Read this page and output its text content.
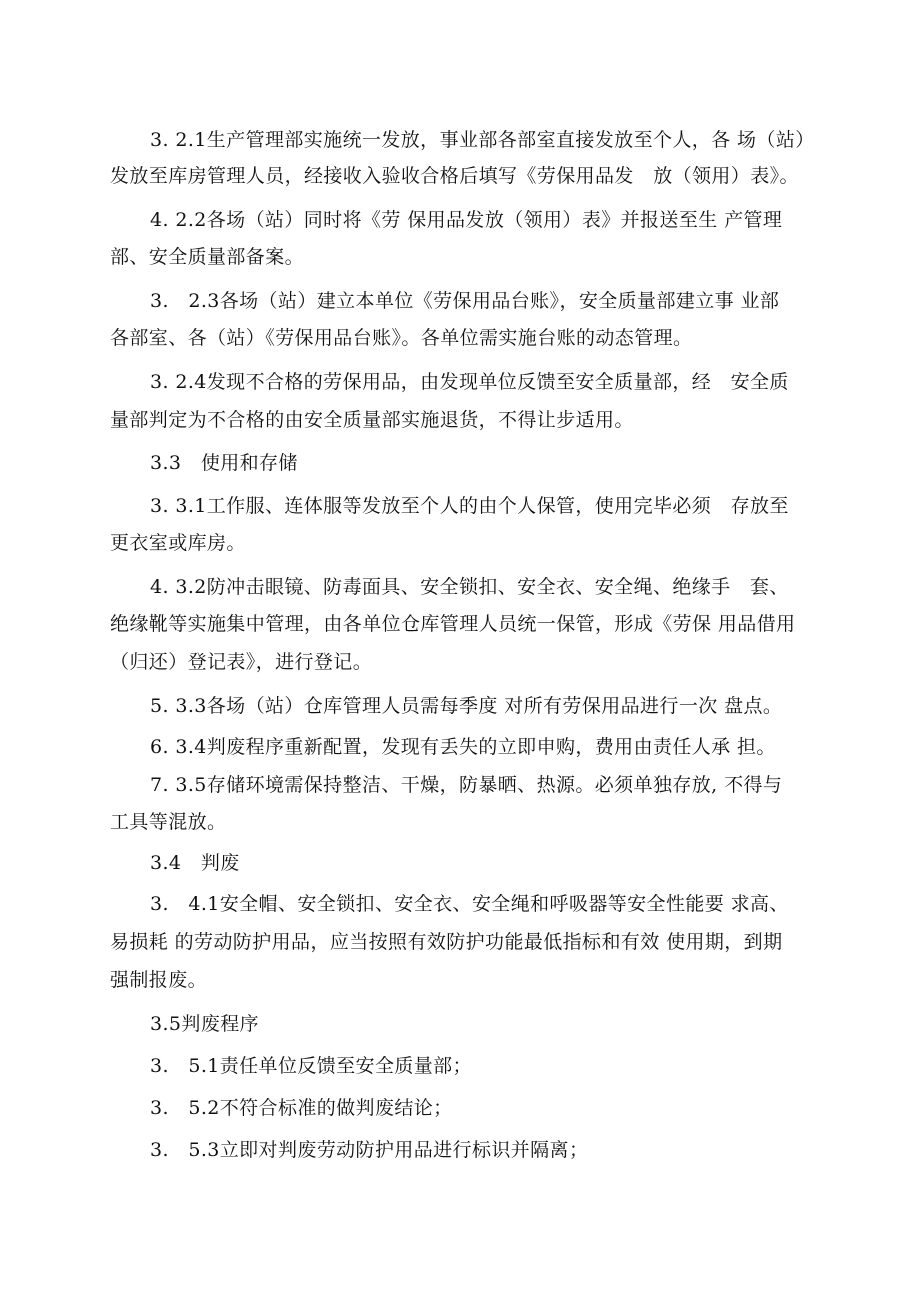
3. 2.1生产管理部实施统一发放，事业部各部室直接发放至个人，各 场（站）
发放至库房管理人员，经接收入验收合格后填写《劳保用品发　放（领用）表》。
4. 2.2各场（站）同时将《劳 保用品发放（领用）表》并报送至生 产管理
部、安全质量部备案。
3.　2.3各场（站）建立本单位《劳保用品台账》，安全质量部建立事 业部
各部室、各（站）《劳保用品台账》。各单位需实施台账的动态管理。
3. 2.4发现不合格的劳保用品，由发现单位反馈至安全质量部，经　安全质
量部判定为不合格的由安全质量部实施退货，不得让步适用。
3.3　使用和存储
3. 3.1工作服、连体服等发放至个人的由个人保管，使用完毕必须　存放至
更衣室或库房。
4. 3.2防冲击眼镜、防毒面具、安全锁扣、安全衣、安全绳、绝缘手　套、
绝缘靴等实施集中管理，由各单位仓库管理人员统一保管，形成《劳保 用品借用
（归还）登记表》，进行登记。
5. 3.3各场（站）仓库管理人员需每季度 对所有劳保用品进行一次 盘点。
6. 3.4判废程序重新配置，发现有丢失的立即申购，费用由责任人承 担。
7. 3.5存储环境需保持整洁、干燥，防暴晒、热源。必须单独存放, 不得与
工具等混放。
3.4　判废
3.　4.1安全帽、安全锁扣、安全衣、安全绳和呼吸器等安全性能要 求高、
易损耗 的劳动防护用品，应当按照有效防护功能最低指标和有效 使用期，到期
强制报废。
3.5判废程序
3.　5.1责任单位反馈至安全质量部；
3.　5.2不符合标准的做判废结论；
3.　5.3立即对判废劳动防护用品进行标识并隔离；
